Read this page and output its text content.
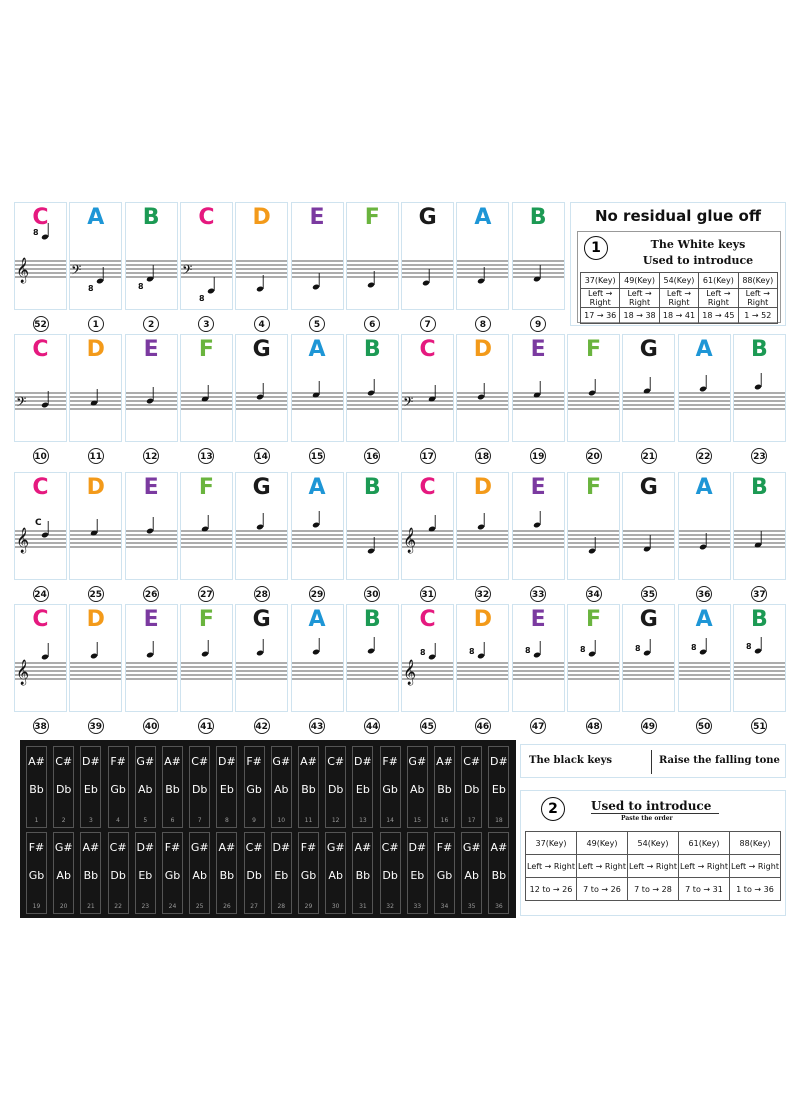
C
𝄞
8
52
A
𝄢
8
1
B
8
2
C
𝄢
8
3
D
4
E
5
F
6
G
7
A
8
B
9
C
𝄢
10
D
11
E
12
F
13
G
14
A
15
B
16
C
𝄢
17
D
18
E
19
F
20
G
21
A
22
B
23
C
𝄞
C
24
D
25
E
26
F
27
G
28
A
29
B
30
C
𝄞
31
D
32
E
33
F
34
G
35
A
36
B
37
C
𝄞
38
D
39
E
40
F
41
G
42
A
43
B
44
C
𝄞
8
45
D
8
46
E
8
47
F
8
48
G
8
49
A
8
50
B
8
51
No residual glue off
1	The White keys
Used to introduce
37(Key)	49(Key)	54(Key)	61(Key)	88(Key)
Left → Right	Left → Right	Left → Right	Left → Right	Left → Right
17 → 36	18 → 38	18 → 41	18 → 45	1 → 52
A#
Bb
1
C#
Db
2
D#
Eb
3
F#
Gb
4
G#
Ab
5
A#
Bb
6
C#
Db
7
D#
Eb
8
F#
Gb
9
G#
Ab
10
A#
Bb
11
C#
Db
12
D#
Eb
13
F#
Gb
14
G#
Ab
15
A#
Bb
16
C#
Db
17
D#
Eb
18
F#
Gb
19
G#
Ab
20
A#
Bb
21
C#
Db
22
D#
Eb
23
F#
Gb
24
G#
Ab
25
A#
Bb
26
C#
Db
27
D#
Eb
28
F#
Gb
29
G#
Ab
30
A#
Bb
31
C#
Db
32
D#
Eb
33
F#
Gb
34
G#
Ab
35
A#
Bb
36
The black keys	Raise the falling tone
2	Used to introduce
Paste the order
37(Key)	49(Key)	54(Key)	61(Key)	88(Key)
Left → Right	Left → Right	Left → Right	Left → Right	Left → Right
12 to → 26	7 to → 26	7 to → 28	7 to → 31	1 to → 36
